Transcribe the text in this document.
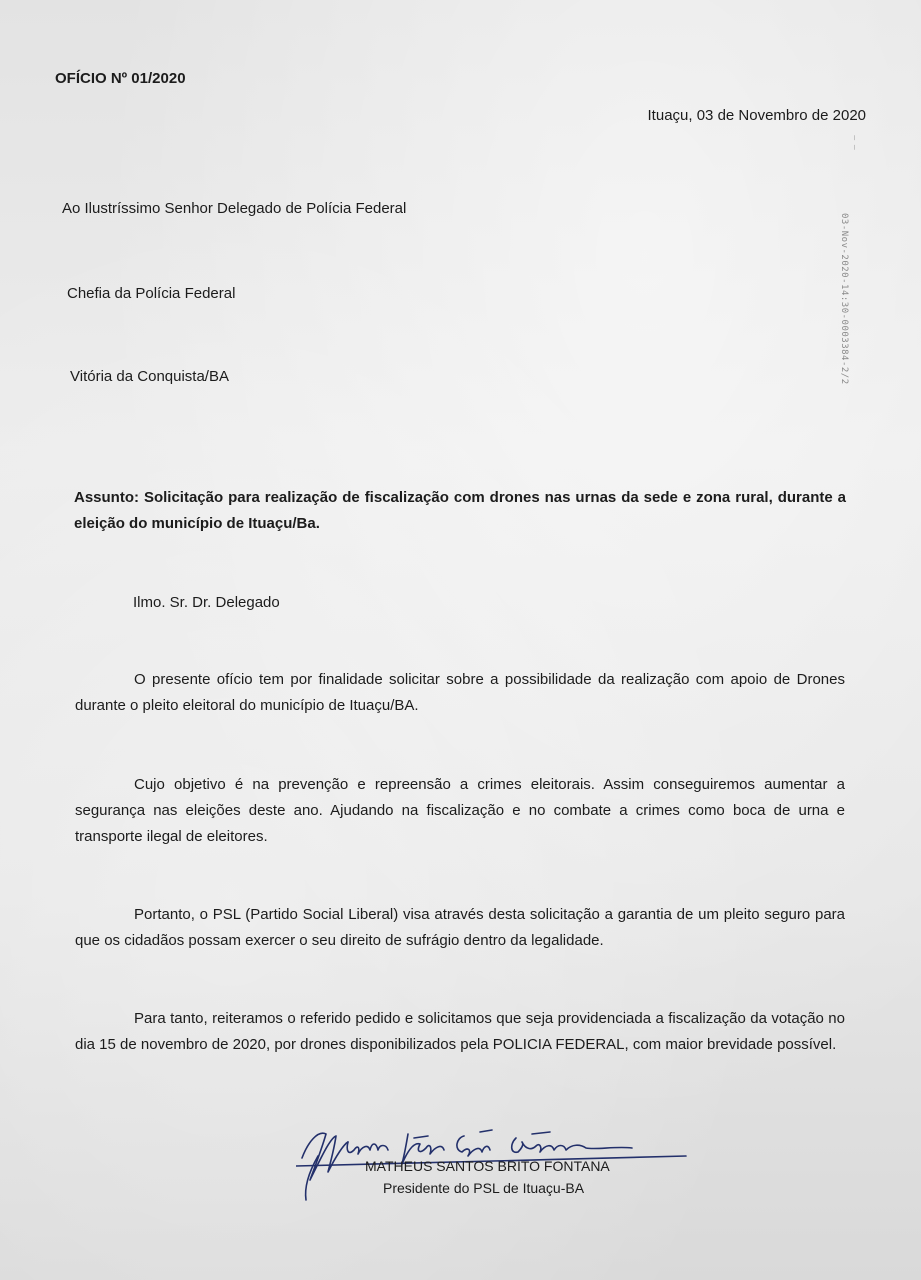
OFÍCIO Nº 01/2020

Ituaçu, 03 de Novembro de 2020

— —
03-Nov-2020-14:30-0003384-2/2

Ao Ilustríssimo Senhor Delegado de Polícia Federal

Chefia da Polícia Federal

Vitória da Conquista/BA

Assunto: Solicitação para realização de fiscalização com drones nas urnas da sede e zona rural, durante a eleição do município de Ituaçu/Ba.

Ilmo. Sr. Dr. Delegado

O presente ofício tem por finalidade solicitar sobre a possibilidade da realização com apoio de Drones durante o pleito eleitoral do município de Ituaçu/BA.

Cujo objetivo é na prevenção e repreensão a crimes eleitorais. Assim conseguiremos aumentar a segurança nas eleições deste ano. Ajudando na fiscalização e no combate a crimes como boca de urna e transporte ilegal de eleitores.

Portanto, o PSL (Partido Social Liberal) visa através desta solicitação a garantia de um pleito seguro para que os cidadãos possam exercer o seu direito de sufrágio dentro da legalidade.

Para tanto, reiteramos o referido pedido e solicitamos que seja providenciada a fiscalização da votação no dia 15 de novembro de 2020, por drones disponibilizados pela POLICIA FEDERAL, com maior brevidade possível.

MATHEUS SANTOS BRITO FONTANA

Presidente do PSL de Ituaçu-BA
